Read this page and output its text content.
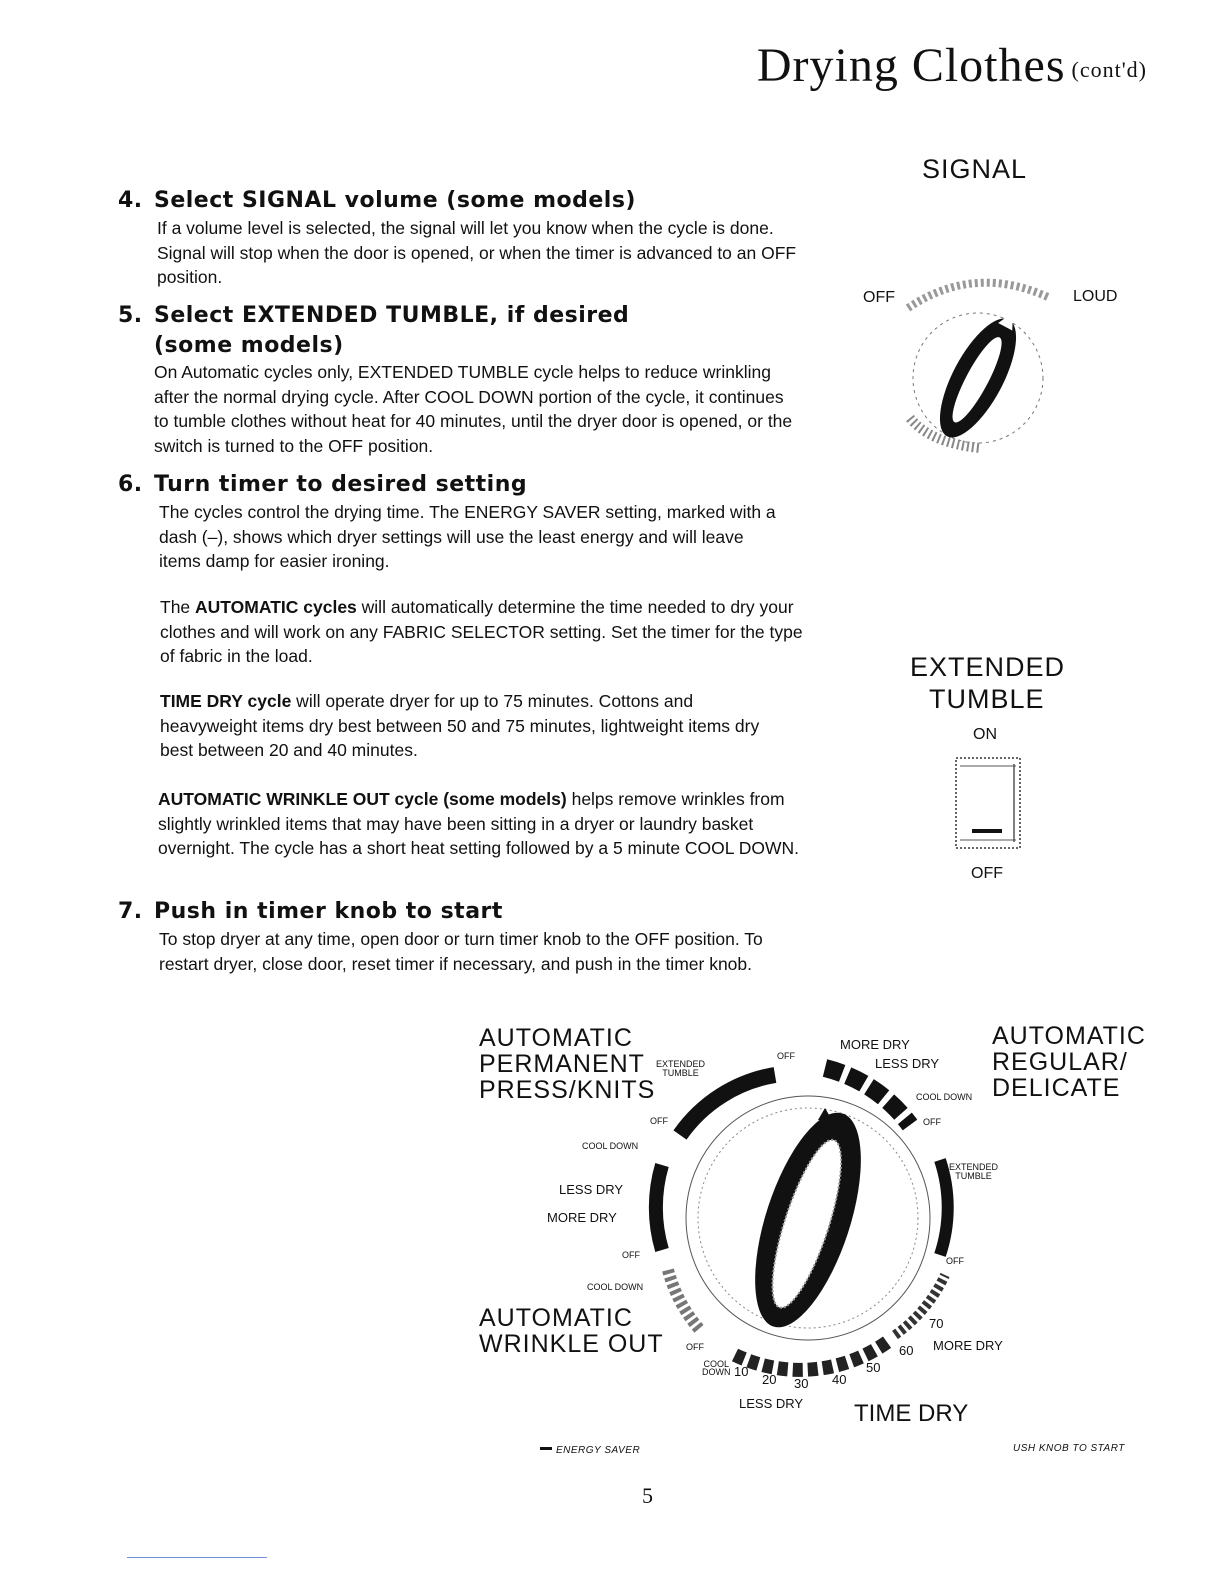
Drying Clothes (cont'd)
4. Select SIGNAL volume (some models)
If a volume level is selected, the signal will let you know when the cycle is done. Signal will stop when the door is opened, or when the timer is advanced to an OFF position.
5. Select EXTENDED TUMBLE, if desired
(some models)
On Automatic cycles only, EXTENDED TUMBLE cycle helps to reduce wrinkling after the normal drying cycle. After COOL DOWN portion of the cycle, it continues to tumble clothes without heat for 40 minutes, until the dryer door is opened, or the switch is turned to the OFF position.
6. Turn timer to desired setting
The cycles control the drying time. The ENERGY SAVER setting, marked with a dash (–), shows which dryer settings will use the least energy and will leave items damp for easier ironing.
The AUTOMATIC cycles will automatically determine the time needed to dry your clothes and will work on any FABRIC SELECTOR setting. Set the timer for the type of fabric in the load.
TIME DRY cycle will operate dryer for up to 75 minutes. Cottons and heavyweight items dry best between 50 and 75 minutes, lightweight items dry best between 20 and 40 minutes.
AUTOMATIC WRINKLE OUT cycle (some models) helps remove wrinkles from slightly wrinkled items that may have been sitting in a dryer or laundry basket overnight. The cycle has a short heat setting followed by a 5 minute COOL DOWN.
7. Push in timer knob to start
To stop dryer at any time, open door or turn timer knob to the OFF position. To restart dryer, close door, reset timer if necessary, and push in the timer knob.
SIGNAL
OFF	LOUD
EXTENDED
TUMBLE
ON
OFF
AUTOMATIC
PERMANENT
PRESS/KNITS
AUTOMATIC
REGULAR/
DELICATE
AUTOMATIC
WRINKLE OUT
TIME DRY
EXTENDED
TUMBLE
EXTENDED
TUMBLE
MORE DRY
LESS DRY
OFF
COOL DOWN
OFF
OFF
COOL DOWN
LESS DRY
MORE DRY
OFF
COOL DOWN
OFF
OFF
COOL
DOWN 10
20 30 40
50
60
70
MORE DRY
LESS DRY
ENERGY SAVER	USH KNOB TO START
5
